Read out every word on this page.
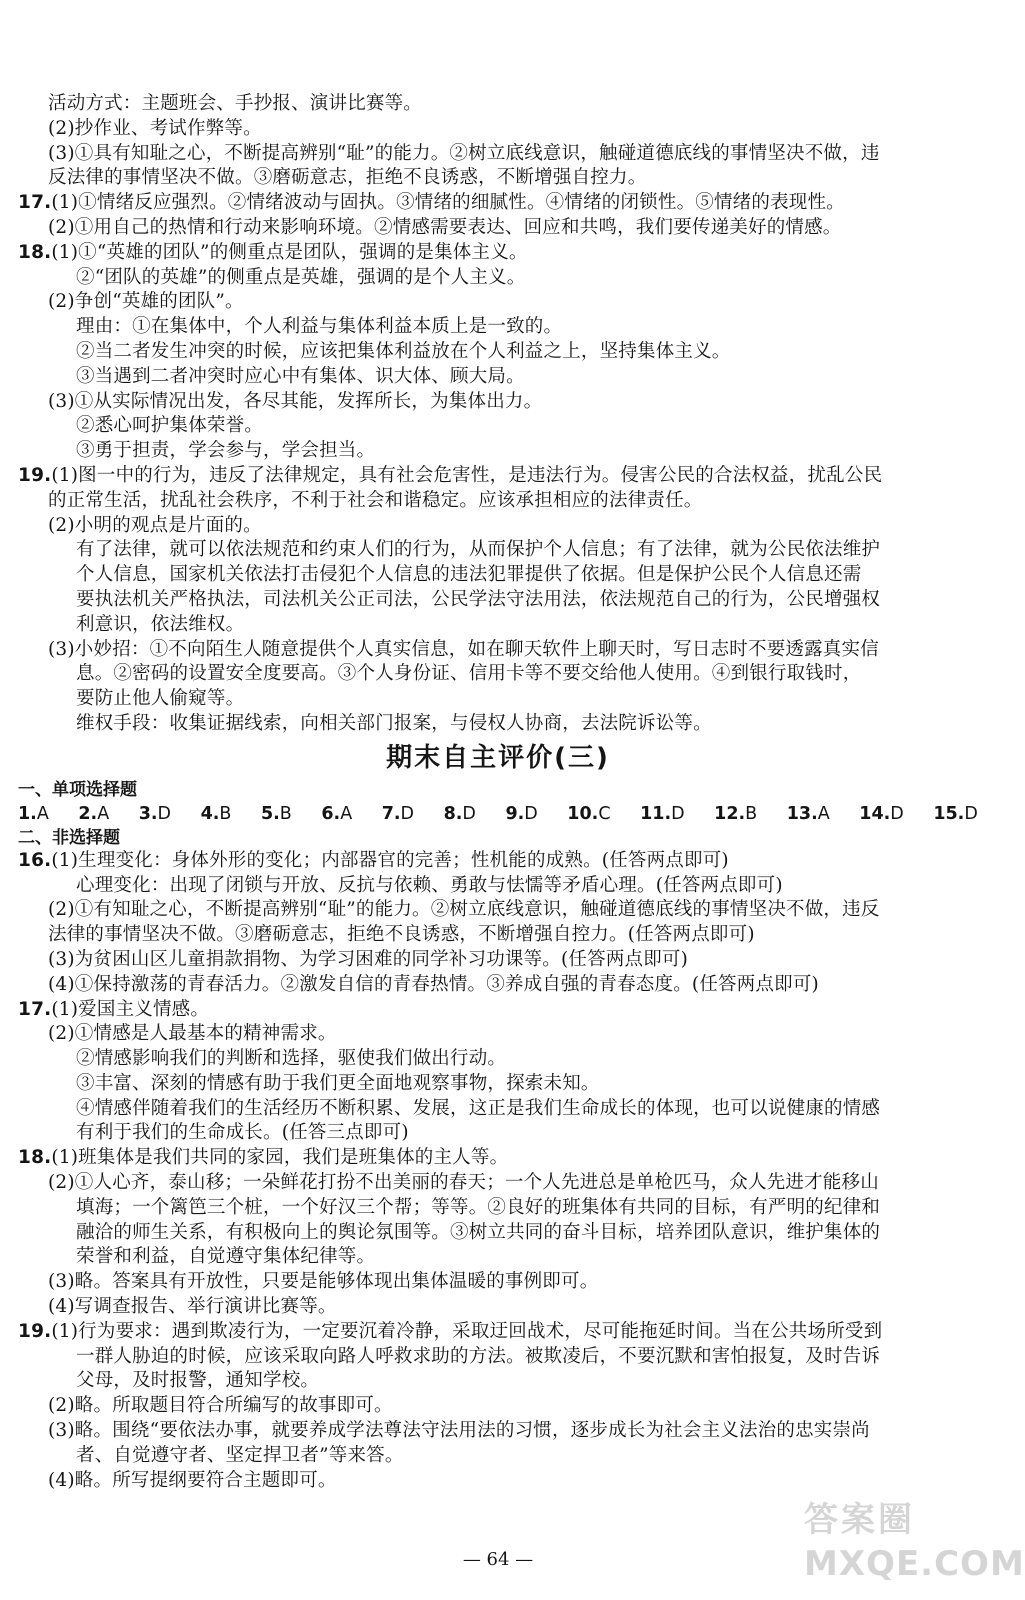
活动方式：主题班会、手抄报、演讲比赛等。
(2)抄作业、考试作弊等。
(3)①具有知耻之心，不断提高辨别“耻”的能力。②树立底线意识，触碰道德底线的事情坚决不做，违
反法律的事情坚决不做。③磨砺意志，拒绝不良诱惑，不断增强自控力。
17.(1)①情绪反应强烈。②情绪波动与固执。③情绪的细腻性。④情绪的闭锁性。⑤情绪的表现性。
(2)①用自己的热情和行动来影响环境。②情感需要表达、回应和共鸣，我们要传递美好的情感。
18.(1)①“英雄的团队”的侧重点是团队，强调的是集体主义。
②“团队的英雄”的侧重点是英雄，强调的是个人主义。
(2)争创“英雄的团队”。
理由：①在集体中，个人利益与集体利益本质上是一致的。
②当二者发生冲突的时候，应该把集体利益放在个人利益之上，坚持集体主义。
③当遇到二者冲突时应心中有集体、识大体、顾大局。
(3)①从实际情况出发，各尽其能，发挥所长，为集体出力。
②悉心呵护集体荣誉。
③勇于担责，学会参与，学会担当。
19.(1)图一中的行为，违反了法律规定，具有社会危害性，是违法行为。侵害公民的合法权益，扰乱公民
的正常生活，扰乱社会秩序，不利于社会和谐稳定。应该承担相应的法律责任。
(2)小明的观点是片面的。
有了法律，就可以依法规范和约束人们的行为，从而保护个人信息；有了法律，就为公民依法维护
个人信息，国家机关依法打击侵犯个人信息的违法犯罪提供了依据。但是保护公民个人信息还需
要执法机关严格执法，司法机关公正司法，公民学法守法用法，依法规范自己的行为，公民增强权
利意识，依法维权。
(3)小妙招：①不向陌生人随意提供个人真实信息，如在聊天软件上聊天时，写日志时不要透露真实信
息。②密码的设置安全度要高。③个人身份证、信用卡等不要交给他人使用。④到银行取钱时，
要防止他人偷窥等。
维权手段：收集证据线索，向相关部门报案，与侵权人协商，去法院诉讼等。
期末自主评价(三)
一、单项选择题
1.A 2.A 3.D 4.B 5.B 6.A 7.D 8.D 9.D 10.C 11.D 12.B 13.A 14.D 15.D
二、非选择题
16.(1)生理变化：身体外形的变化；内部器官的完善；性机能的成熟。(任答两点即可)
心理变化：出现了闭锁与开放、反抗与依赖、勇敢与怯懦等矛盾心理。(任答两点即可)
(2)①有知耻之心，不断提高辨别“耻”的能力。②树立底线意识，触碰道德底线的事情坚决不做，违反
法律的事情坚决不做。③磨砺意志，拒绝不良诱惑，不断增强自控力。(任答两点即可)
(3)为贫困山区儿童捐款捐物、为学习困难的同学补习功课等。(任答两点即可)
(4)①保持激荡的青春活力。②激发自信的青春热情。③养成自强的青春态度。(任答两点即可)
17.(1)爱国主义情感。
(2)①情感是人最基本的精神需求。
②情感影响我们的判断和选择，驱使我们做出行动。
③丰富、深刻的情感有助于我们更全面地观察事物，探索未知。
④情感伴随着我们的生活经历不断积累、发展，这正是我们生命成长的体现，也可以说健康的情感
有利于我们的生命成长。(任答三点即可)
18.(1)班集体是我们共同的家园，我们是班集体的主人等。
(2)①人心齐，泰山移；一朵鲜花打扮不出美丽的春天；一个人先进总是单枪匹马，众人先进才能移山
填海；一个篱笆三个桩，一个好汉三个帮；等等。②良好的班集体有共同的目标，有严明的纪律和
融洽的师生关系，有积极向上的舆论氛围等。③树立共同的奋斗目标，培养团队意识，维护集体的
荣誉和利益，自觉遵守集体纪律等。
(3)略。答案具有开放性，只要是能够体现出集体温暖的事例即可。
(4)写调查报告、举行演讲比赛等。
19.(1)行为要求：遇到欺凌行为，一定要沉着冷静，采取迂回战术，尽可能拖延时间。当在公共场所受到
一群人胁迫的时候，应该采取向路人呼救求助的方法。被欺凌后，不要沉默和害怕报复，及时告诉
父母，及时报警，通知学校。
(2)略。所取题目符合所编写的故事即可。
(3)略。围绕“要依法办事，就要养成学法尊法守法用法的习惯，逐步成长为社会主义法治的忠实崇尚
者、自觉遵守者、坚定捍卫者”等来答。
(4)略。所写提纲要符合主题即可。
— 64 —
答案圈
MXQE.COM
